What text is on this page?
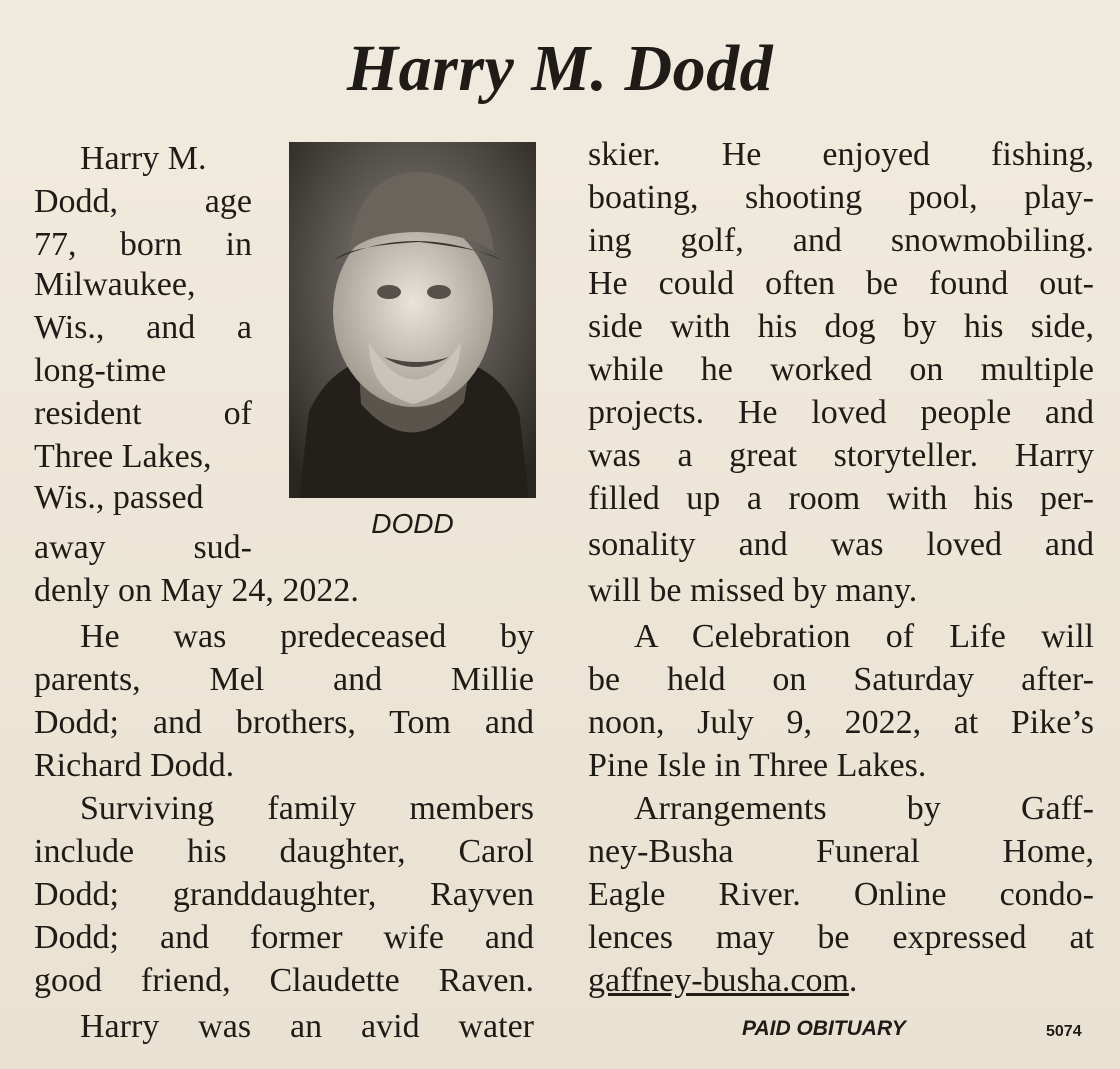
Harry M. Dodd
DODD
Harry M.
Dodd, age
77, born in
Milwaukee,
Wis., and a
long-time
resident of
Three Lakes,
Wis., passed
away sud-
denly on May 24, 2022.
He was predeceased by
parents, Mel and Millie
Dodd; and brothers, Tom and
Richard Dodd.
Surviving family members
include his daughter, Carol
Dodd; granddaughter, Rayven
Dodd; and former wife and
good friend, Claudette Raven.
Harry was an avid water
skier. He enjoyed fishing,
boating, shooting pool, play-
ing golf, and snowmobiling.
He could often be found out-
side with his dog by his side,
while he worked on multiple
projects. He loved people and
was a great storyteller. Harry
filled up a room with his per-
sonality and was loved and
will be missed by many.
A Celebration of Life will
be held on Saturday after-
noon, July 9, 2022, at Pike’s
Pine Isle in Three Lakes.
Arrangements by Gaff-
ney-Busha Funeral Home,
Eagle River. Online condo-
lences may be expressed at
gaffney-busha.com.
PAID OBITUARY	5074
